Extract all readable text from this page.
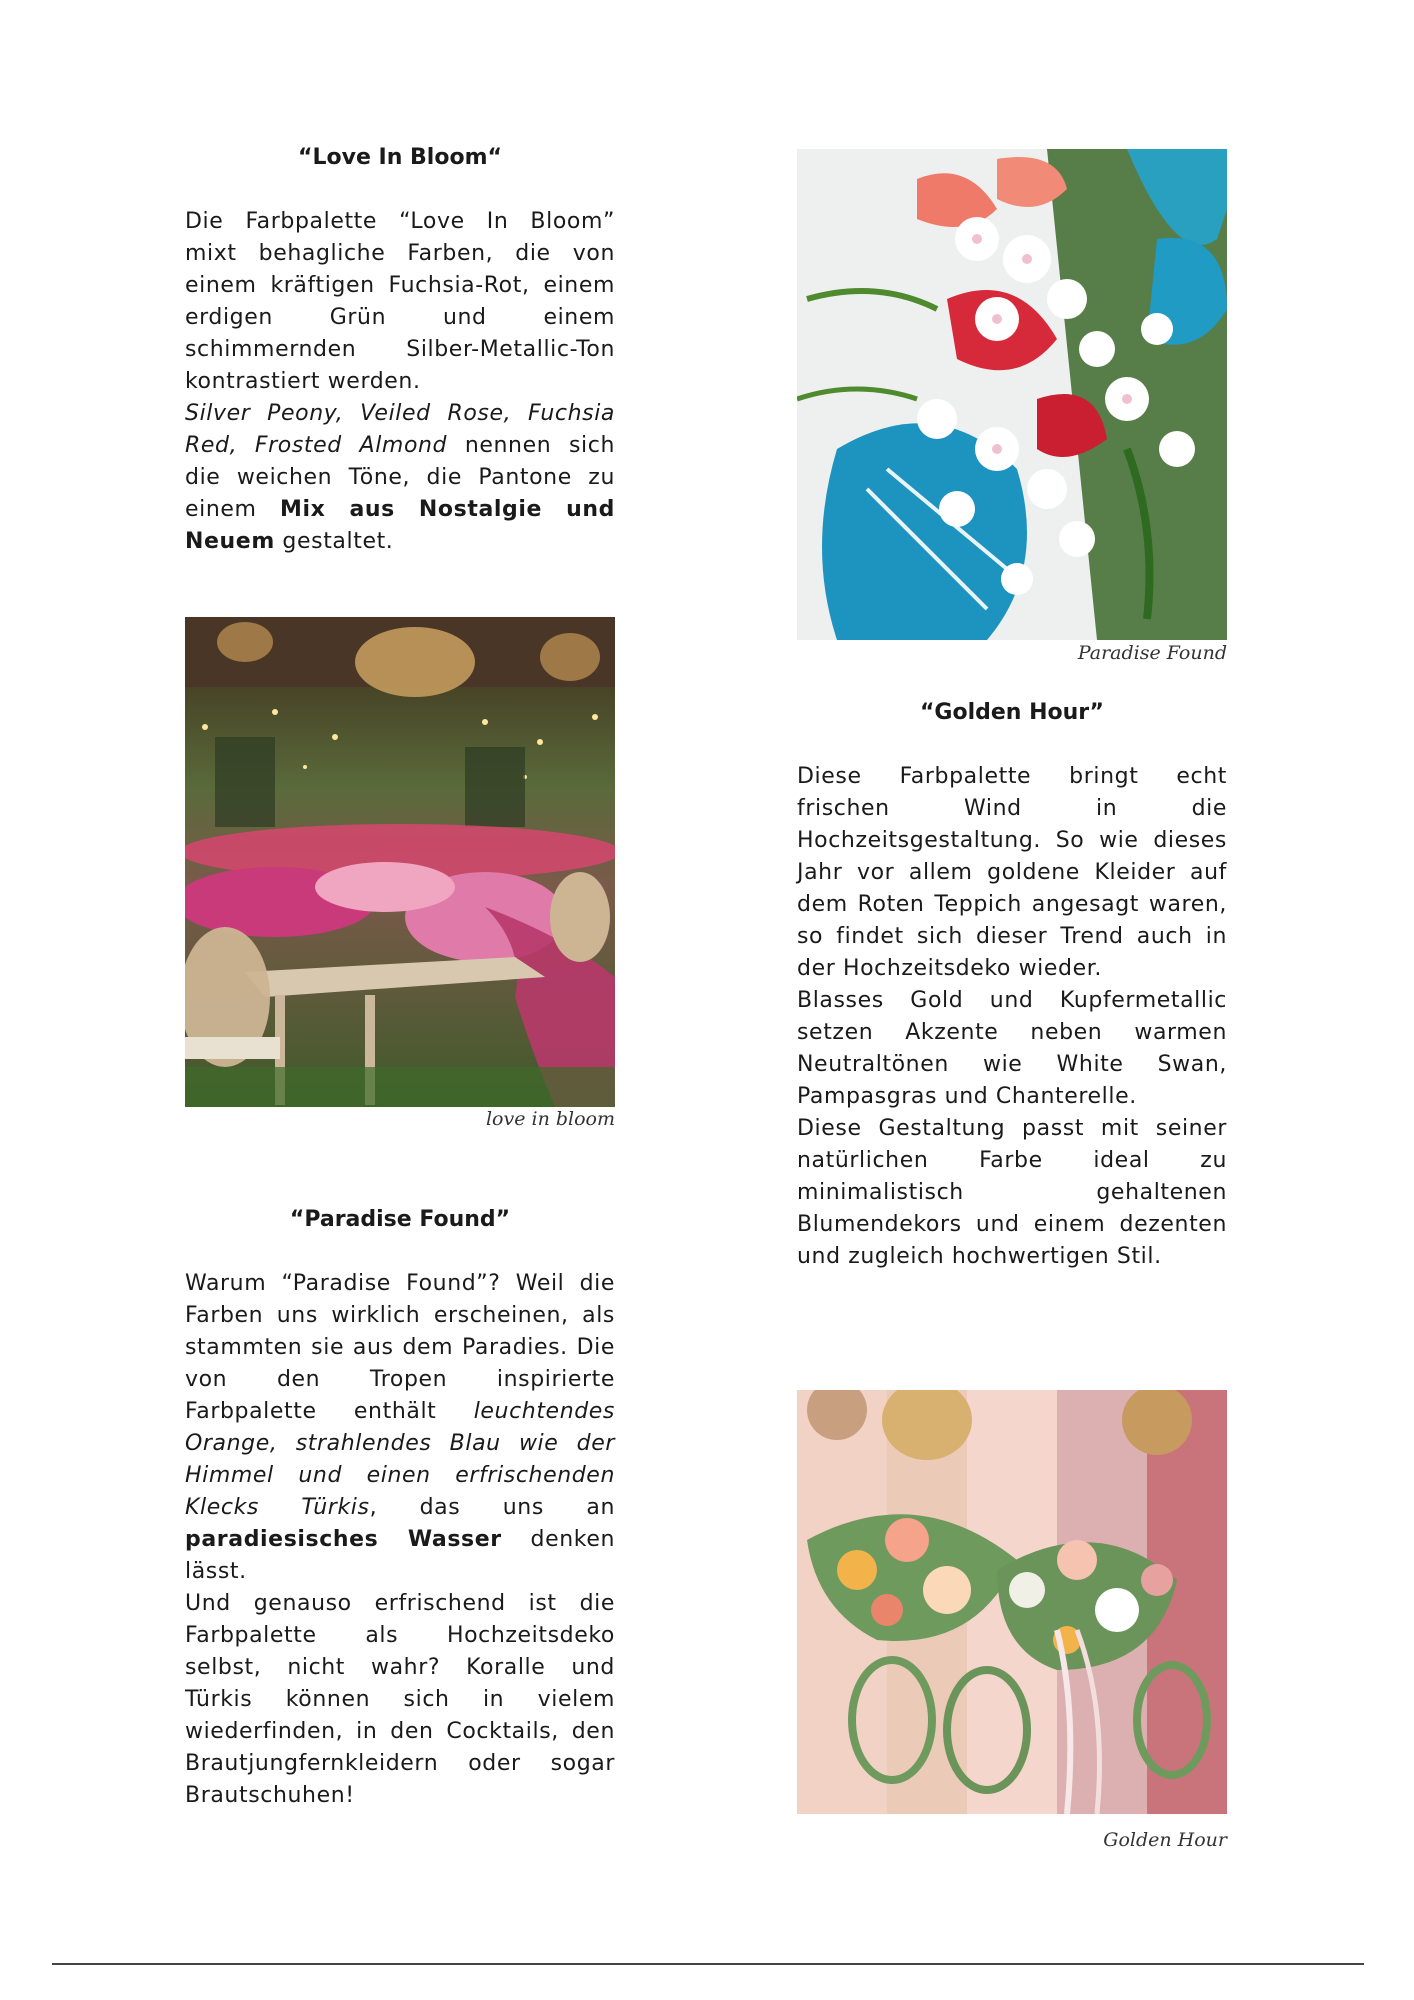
“Love In Bloom“

Die Farbpalette “Love In Bloom” mixt behagliche Farben, die von einem kräftigen Fuchsia-Rot, einem erdigen Grün und einem schimmernden Silber-Metallic-Ton kontrastiert werden.

Silver Peony, Veiled Rose, Fuchsia Red, Frosted Almond nennen sich die weichen Töne, die Pantone zu einem Mix aus Nostalgie und Neuem gestaltet.

love in bloom
“Paradise Found”

Warum “Paradise Found”? Weil die Farben uns wirklich erscheinen, als stammten sie aus dem Paradies. Die von den Tropen inspirierte Farbpalette enthält leuchtendes Orange, strahlendes Blau wie der Himmel und einen erfrischenden Klecks Türkis, das uns an paradiesisches Wasser denken lässt.

Und genauso erfrischend ist die Farbpalette als Hochzeitsdeko selbst, nicht wahr? Koralle und Türkis können sich in vielem wiederfinden, in den Cocktails, den Brautjungfernkleidern oder sogar Brautschuhen!

Paradise Found
“Golden Hour”

Diese Farbpalette bringt echt frischen Wind in die Hochzeitsgestaltung. So wie dieses Jahr vor allem goldene Kleider auf dem Roten Teppich angesagt waren, so findet sich dieser Trend auch in der Hochzeitsdeko wieder.

Blasses Gold und Kupfermetallic setzen Akzente neben warmen Neutraltönen wie White Swan, Pampasgras und Chanterelle.

Diese Gestaltung passt mit seiner natürlichen Farbe ideal zu minimalistisch gehaltenen Blumendekors und einem dezenten und zugleich hochwertigen Stil.

Golden Hour
